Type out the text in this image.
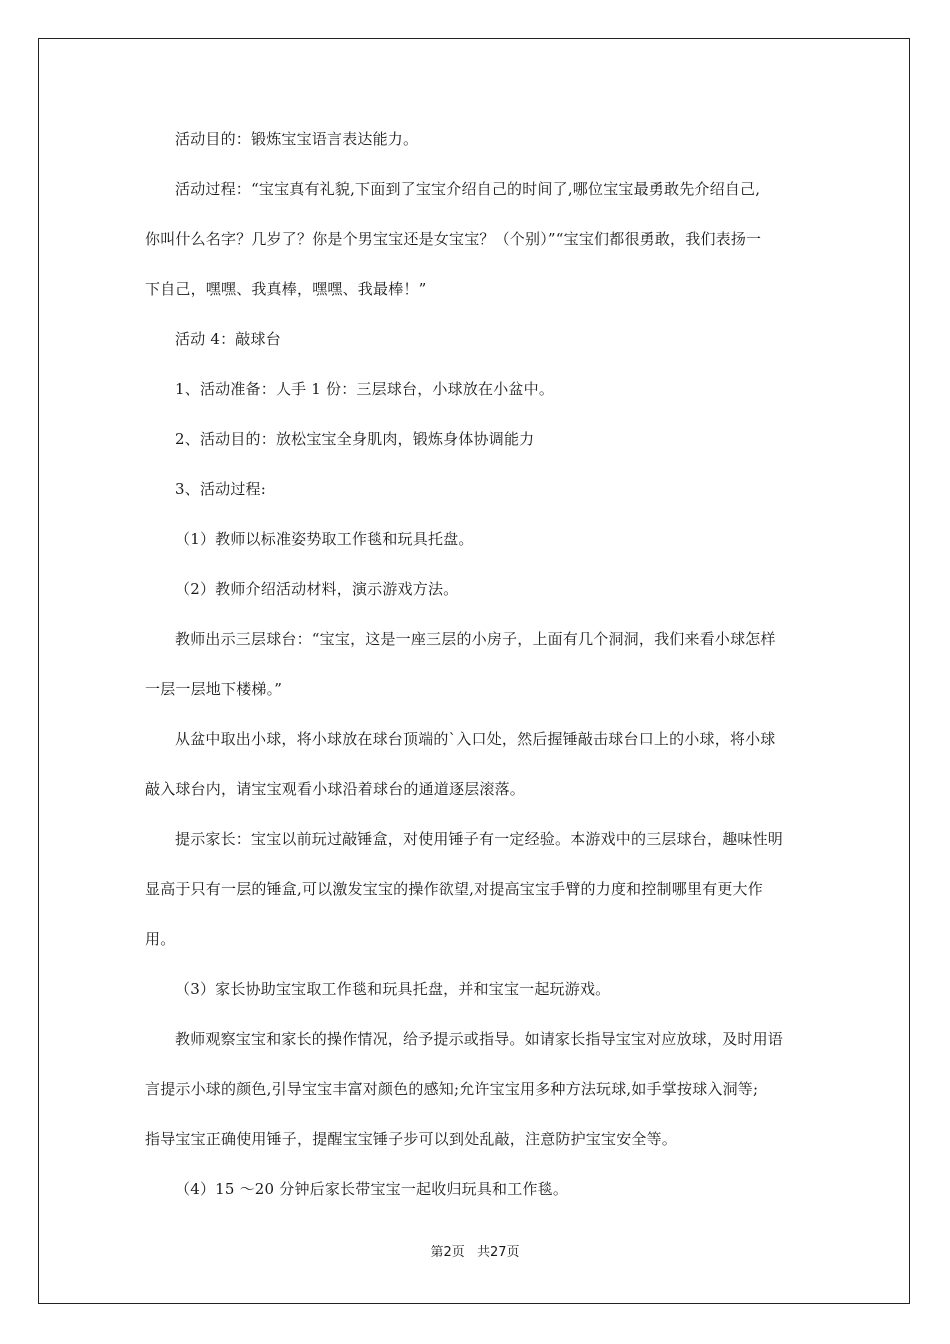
活动目的：锻炼宝宝语言表达能力。
活动过程：“宝宝真有礼貌,下面到了宝宝介绍自己的时间了,哪位宝宝最勇敢先介绍自己,
你叫什么名字？几岁了？你是个男宝宝还是女宝宝？（个别）”“宝宝们都很勇敢，我们表扬一
下自己，嘿嘿、我真棒，嘿嘿、我最棒！”
活动 4：敲球台
1、活动准备：人手 1 份：三层球台，小球放在小盆中。
2、活动目的：放松宝宝全身肌肉，锻炼身体协调能力
3、活动过程:
（1）教师以标准姿势取工作毯和玩具托盘。
（2）教师介绍活动材料，演示游戏方法。
教师出示三层球台：“宝宝，这是一座三层的小房子，上面有几个洞洞，我们来看小球怎样
一层一层地下楼梯。”
从盆中取出小球，将小球放在球台顶端的`入口处，然后握锤敲击球台口上的小球，将小球
敲入球台内，请宝宝观看小球沿着球台的通道逐层滚落。
提示家长：宝宝以前玩过敲锤盒，对使用锤子有一定经验。本游戏中的三层球台，趣味性明
显高于只有一层的锤盒,可以激发宝宝的操作欲望,对提高宝宝手臂的力度和控制哪里有更大作
用。
（3）家长协助宝宝取工作毯和玩具托盘，并和宝宝一起玩游戏。
教师观察宝宝和家长的操作情况，给予提示或指导。如请家长指导宝宝对应放球，及时用语
言提示小球的颜色,引导宝宝丰富对颜色的感知;允许宝宝用多种方法玩球,如手掌按球入洞等;
指导宝宝正确使用锤子，提醒宝宝锤子步可以到处乱敲，注意防护宝宝安全等。
（4）15 ～20 分钟后家长带宝宝一起收归玩具和工作毯。
第2页 共27页
